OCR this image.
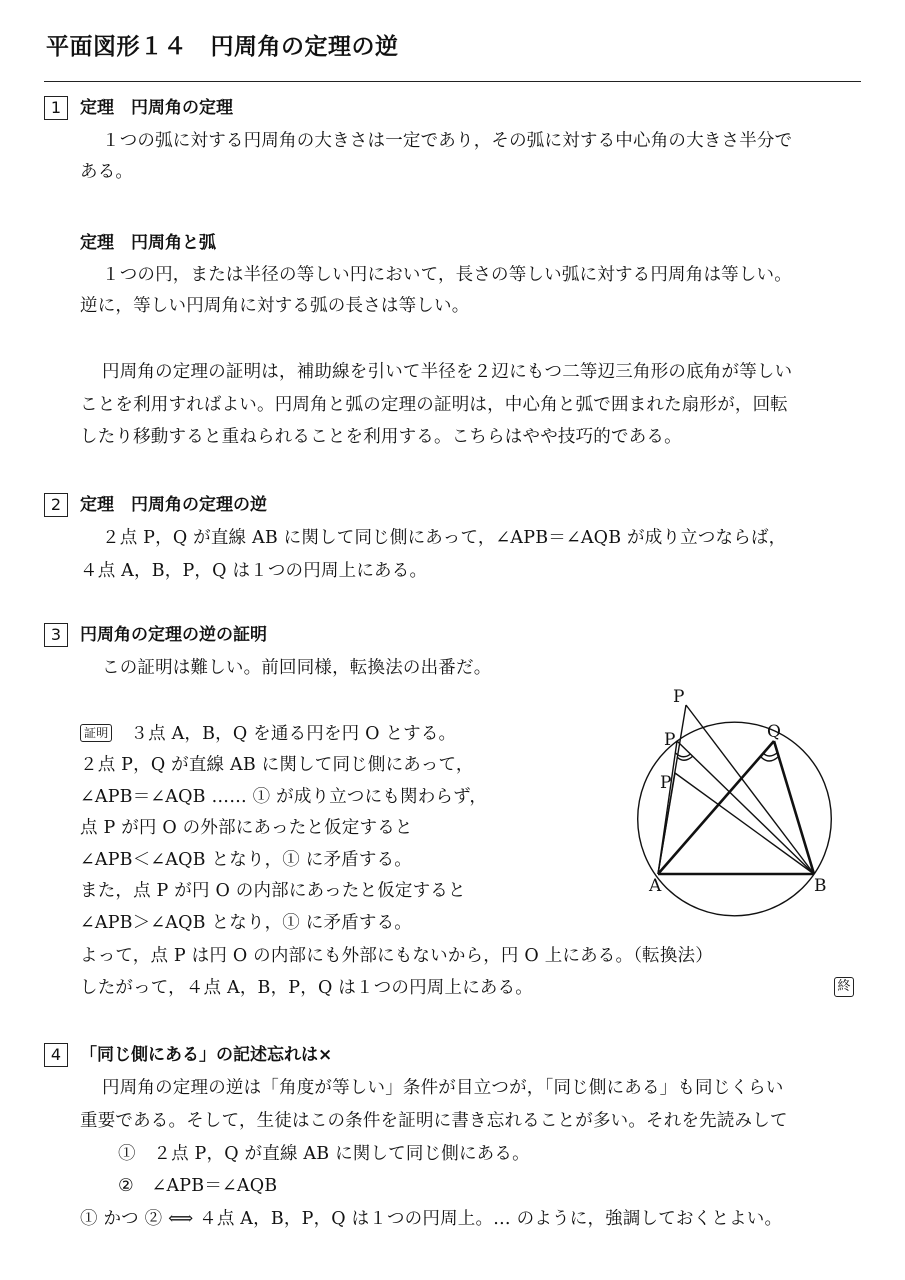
平面図形１４　円周角の定理の逆
1	定理　円周角の定理
１つの弧に対する円周角の大きさは一定であり，その弧に対する中心角の大きさ半分で
ある。
定理　円周角と弧
１つの円，または半径の等しい円において，長さの等しい弧に対する円周角は等しい。
逆に，等しい円周角に対する弧の長さは等しい。
円周角の定理の証明は，補助線を引いて半径を２辺にもつ二等辺三角形の底角が等しい
ことを利用すればよい。円周角と弧の定理の証明は，中心角と弧で囲まれた扇形が，回転
したり移動すると重ねられることを利用する。こちらはやや技巧的である。
2	定理　円周角の定理の逆
２点 P，Q が直線 AB に関して同じ側にあって，∠APB＝∠AQB が成り立つならば，
４点 A，B，P，Q は１つの円周上にある。
3	円周角の定理の逆の証明
この証明は難しい。前回同様，転換法の出番だ。
証明 ３点 A，B，Q を通る円を円 O とする。
２点 P，Q が直線 AB に関して同じ側にあって，
∠APB＝∠AQB …… ① が成り立つにも関わらず，
点 P が円 O の外部にあったと仮定すると
∠APB＜∠AQB となり，① に矛盾する。
また，点 P が円 O の内部にあったと仮定すると
∠APB＞∠AQB となり，① に矛盾する。
よって，点 P は円 O の内部にも外部にもないから，円 O 上にある。（転換法）
したがって，４点 A，B，P，Q は１つの円周上にある。	終
P
P
P
Q
A	B
4	「同じ側にある」の記述忘れは×
円周角の定理の逆は「角度が等しい」条件が目立つが，「同じ側にある」も同じくらい
重要である。そして，生徒はこの条件を証明に書き忘れることが多い。それを先読みして
①　２点 P，Q が直線 AB に関して同じ側にある。
②　∠APB＝∠AQB
① かつ ② ⟺ ４点 A，B，P，Q は１つの円周上。… のように，強調しておくとよい。
